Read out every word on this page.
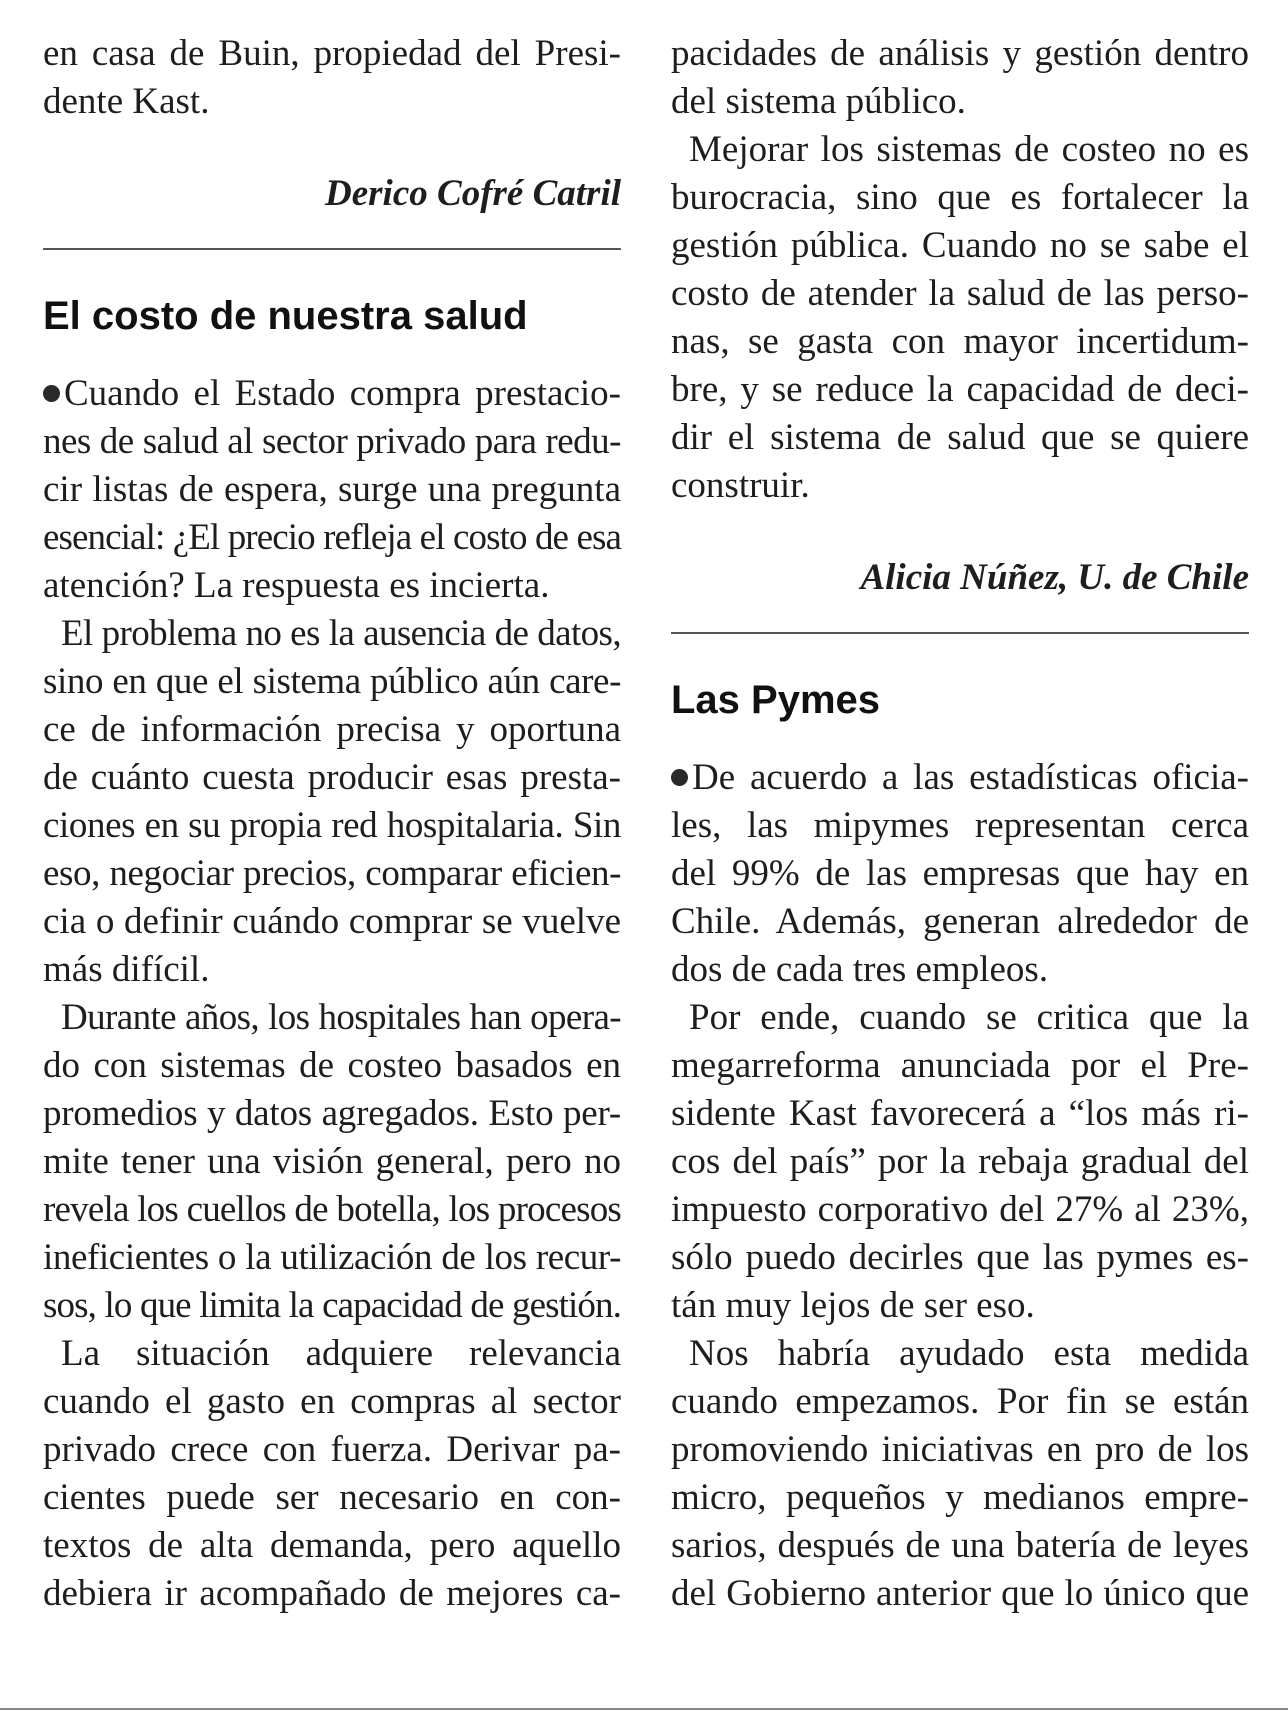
en casa de Buin, propiedad del Presi-
dente Kast.
Derico Cofré Catril
El costo de nuestra salud
Cuando el Estado compra prestacio-
nes de salud al sector privado para redu-
cir listas de espera, surge una pregunta
esencial: ¿El precio refleja el costo de esa
atención? La respuesta es incierta.
El problema no es la ausencia de datos,
sino en que el sistema público aún care-
ce de información precisa y oportuna
de cuánto cuesta producir esas presta-
ciones en su propia red hospitalaria. Sin
eso, negociar precios, comparar eficien-
cia o definir cuándo comprar se vuelve
más difícil.
Durante años, los hospitales han opera-
do con sistemas de costeo basados en
promedios y datos agregados. Esto per-
mite tener una visión general, pero no
revela los cuellos de botella, los procesos
ineficientes o la utilización de los recur-
sos, lo que limita la capacidad de gestión.
La situación adquiere relevancia
cuando el gasto en compras al sector
privado crece con fuerza. Derivar pa-
cientes puede ser necesario en con-
textos de alta demanda, pero aquello
debiera ir acompañado de mejores ca-
pacidades de análisis y gestión dentro
del sistema público.
Mejorar los sistemas de costeo no es
burocracia, sino que es fortalecer la
gestión pública. Cuando no se sabe el
costo de atender la salud de las perso-
nas, se gasta con mayor incertidum-
bre, y se reduce la capacidad de deci-
dir el sistema de salud que se quiere
construir.
Alicia Núñez, U. de Chile
Las Pymes
De acuerdo a las estadísticas oficia-
les, las mipymes representan cerca
del 99% de las empresas que hay en
Chile. Además, generan alrededor de
dos de cada tres empleos.
Por ende, cuando se critica que la
megarreforma anunciada por el Pre-
sidente Kast favorecerá a “los más ri-
cos del país” por la rebaja gradual del
impuesto corporativo del 27% al 23%,
sólo puedo decirles que las pymes es-
tán muy lejos de ser eso.
Nos habría ayudado esta medida
cuando empezamos. Por fin se están
promoviendo iniciativas en pro de los
micro, pequeños y medianos empre-
sarios, después de una batería de leyes
del Gobierno anterior que lo único que
